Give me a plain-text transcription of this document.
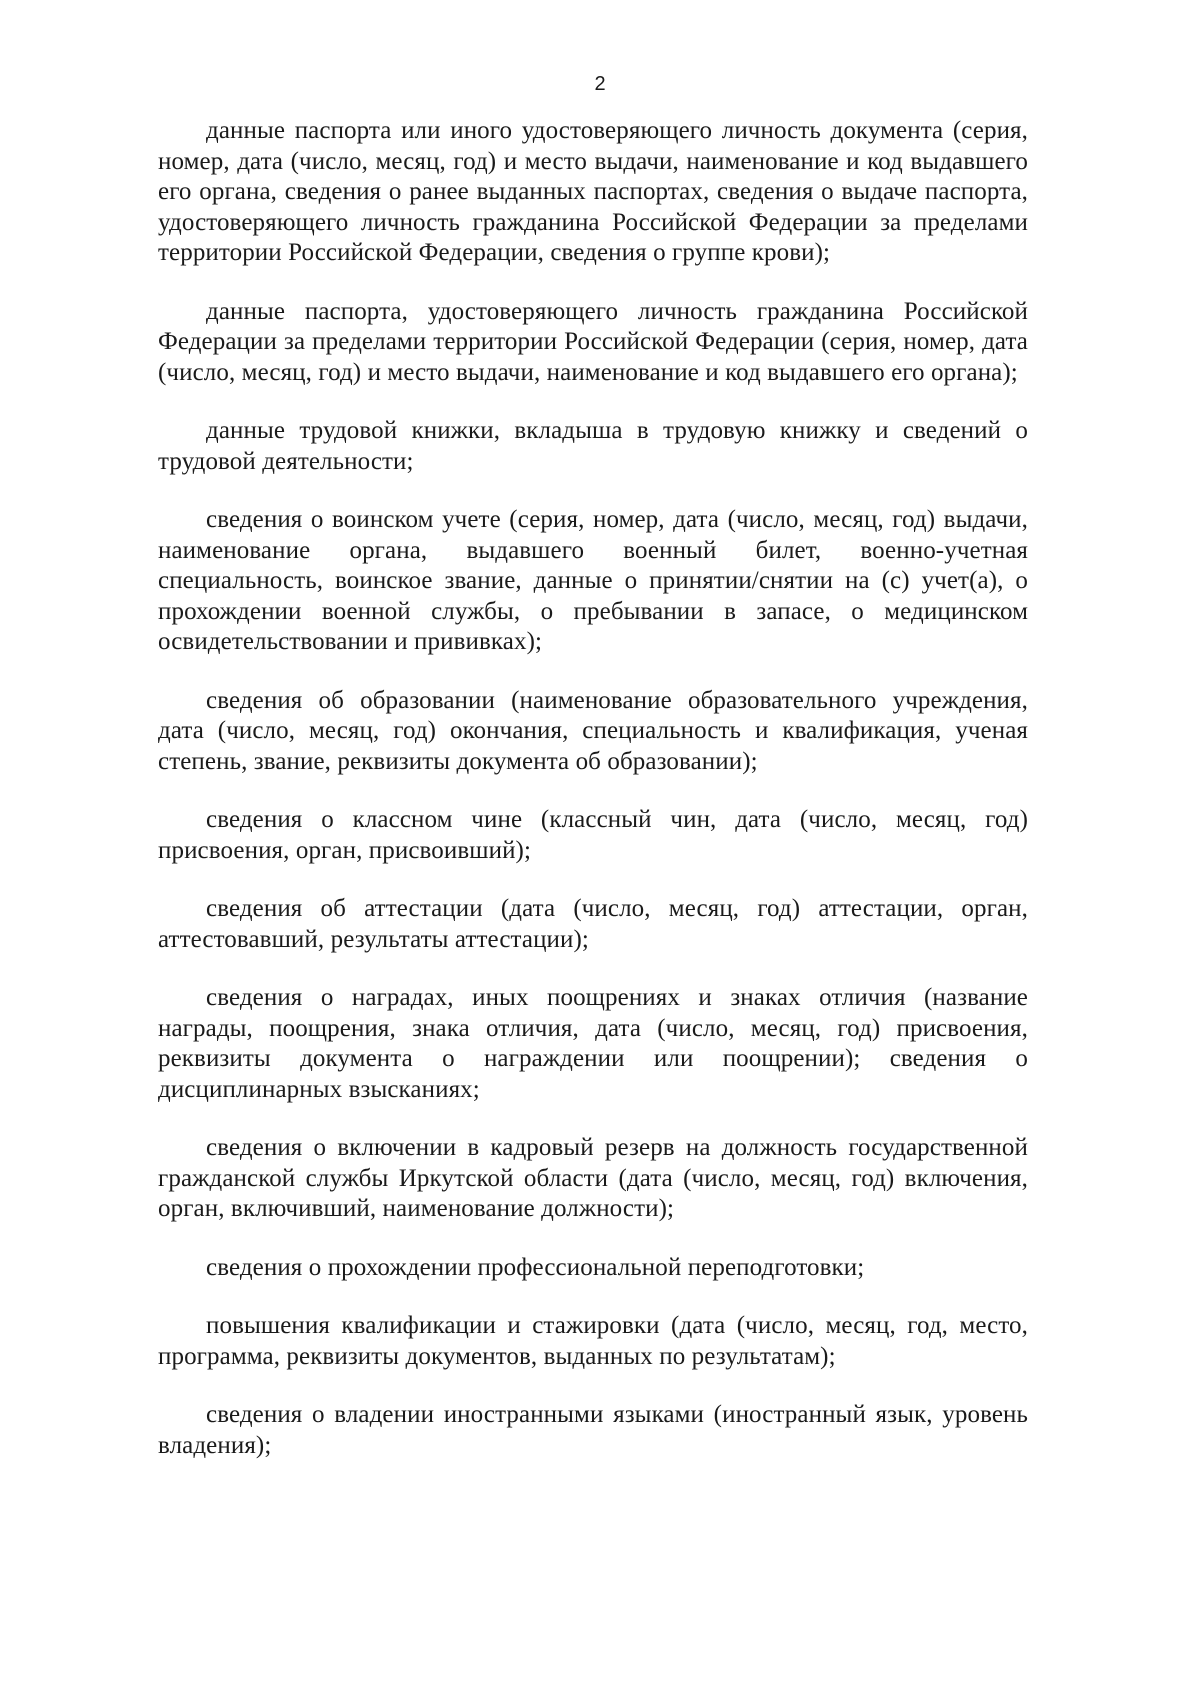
2

данные паспорта или иного удостоверяющего личность документа (серия, номер, дата (число, месяц, год) и место выдачи, наименование и код выдавшего его органа, сведения о ранее выданных паспортах, сведения о выдаче паспорта, удостоверяющего личность гражданина Российской Федерации за пределами территории Российской Федерации, сведения о группе крови);

данные паспорта, удостоверяющего личность гражданина Российской Федерации за пределами территории Российской Федерации (серия, номер, дата (число, месяц, год) и место выдачи, наименование и код выдавшего его органа);

данные трудовой книжки, вкладыша в трудовую книжку и сведений о трудовой деятельности;

сведения о воинском учете (серия, номер, дата (число, месяц, год) выдачи, наименование органа, выдавшего военный билет, военно-учетная специальность, воинское звание, данные о принятии/снятии на (с) учет(а), о прохождении военной службы, о пребывании в запасе, о медицинском освидетельствовании и прививках);

сведения об образовании (наименование образовательного учреждения, дата (число, месяц, год) окончания, специальность и квалификация, ученая степень, звание, реквизиты документа об образовании);

сведения о классном чине (классный чин, дата (число, месяц, год) присвоения, орган, присвоивший);

сведения об аттестации (дата (число, месяц, год) аттестации, орган, аттестовавший, результаты аттестации);

сведения о наградах, иных поощрениях и знаках отличия (название награды, поощрения, знака отличия, дата (число, месяц, год) присвоения, реквизиты документа о награждении или поощрении); сведения о дисциплинарных взысканиях;

сведения о включении в кадровый резерв на должность государственной гражданской службы Иркутской области (дата (число, месяц, год) включения, орган, включивший, наименование должности);

сведения о прохождении профессиональной переподготовки;

повышения квалификации и стажировки (дата (число, месяц, год, место, программа, реквизиты документов, выданных по результатам);

сведения о владении иностранными языками (иностранный язык, уровень владения);
